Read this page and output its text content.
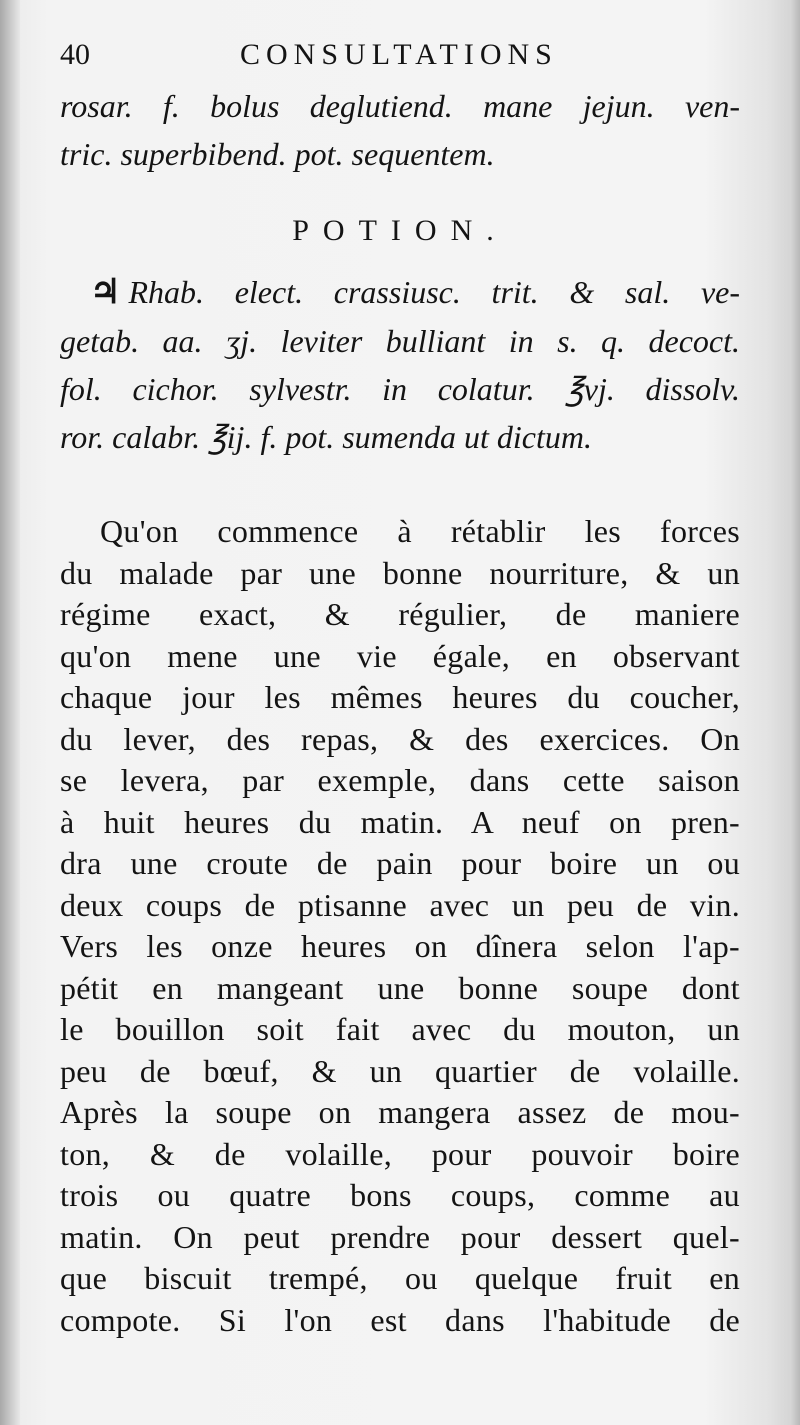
40	CONSULTATIONS
rosar. f. bolus deglutiend. mane jejun. ven-
tric. superbibend. pot. sequentem.
POTION.
♃ Rhab. elect. crassiusc. trit. & sal. ve-
getab. aa. ʒj. leviter bulliant in s. q. decoct.
fol. cichor. sylvestr. in colatur. ℥vj. dissolv.
ror. calabr. ℥ij. f. pot. sumenda ut dictum.
Qu'on commence à rétablir les forces
du malade par une bonne nourriture, & un
régime exact, & régulier, de maniere
qu'on mene une vie égale, en observant
chaque jour les mêmes heures du coucher,
du lever, des repas, & des exercices. On
se levera, par exemple, dans cette saison
à huit heures du matin. A neuf on pren-
dra une croute de pain pour boire un ou
deux coups de ptisanne avec un peu de vin.
Vers les onze heures on dînera selon l'ap-
pétit en mangeant une bonne soupe dont
le bouillon soit fait avec du mouton, un
peu de bœuf, & un quartier de volaille.
Après la soupe on mangera assez de mou-
ton, & de volaille, pour pouvoir boire
trois ou quatre bons coups, comme au
matin. On peut prendre pour dessert quel-
que biscuit trempé, ou quelque fruit en
compote. Si l'on est dans l'habitude de
